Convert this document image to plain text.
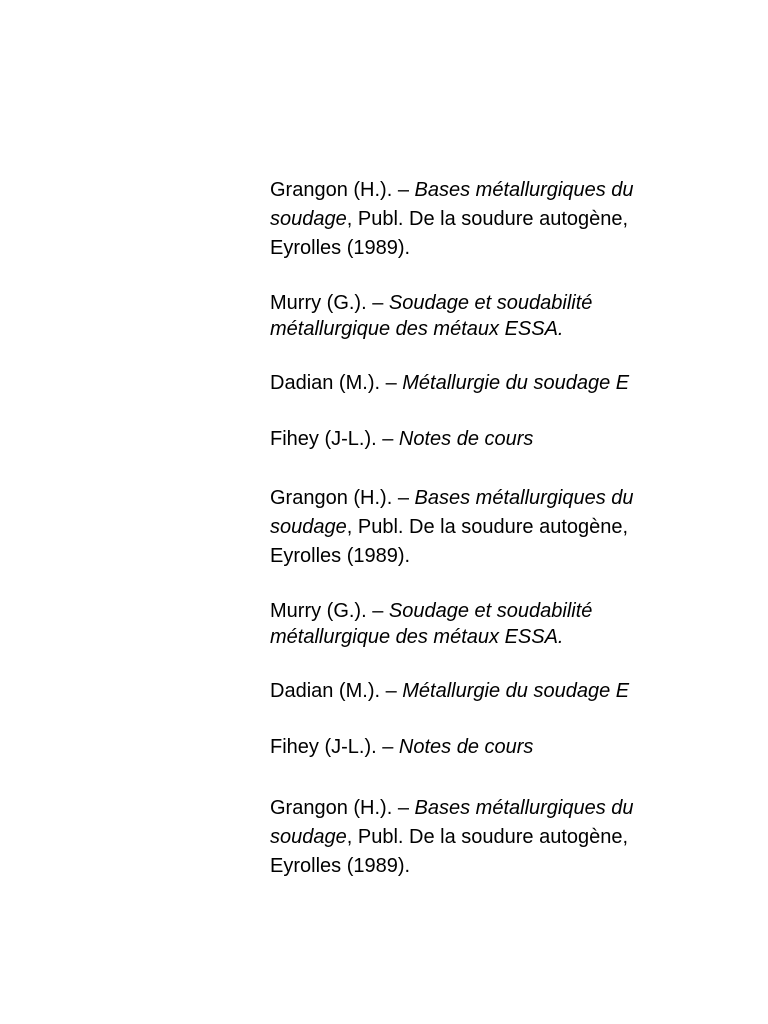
Grangon (H.). – Bases métallurgiques du soudage, Publ. De la soudure autogène, Eyrolles (1989).

Murry (G.). – Soudage et soudabilité métallurgique des métaux ESSA.

Dadian (M.). – Métallurgie du soudage E

Fihey (J-L.). – Notes de cours

Grangon (H.). – Bases métallurgiques du soudage, Publ. De la soudure autogène, Eyrolles (1989).

Murry (G.). – Soudage et soudabilité métallurgique des métaux ESSA.

Dadian (M.). – Métallurgie du soudage E

Fihey (J-L.). – Notes de cours

Grangon (H.). – Bases métallurgiques du soudage, Publ. De la soudure autogène, Eyrolles (1989).
